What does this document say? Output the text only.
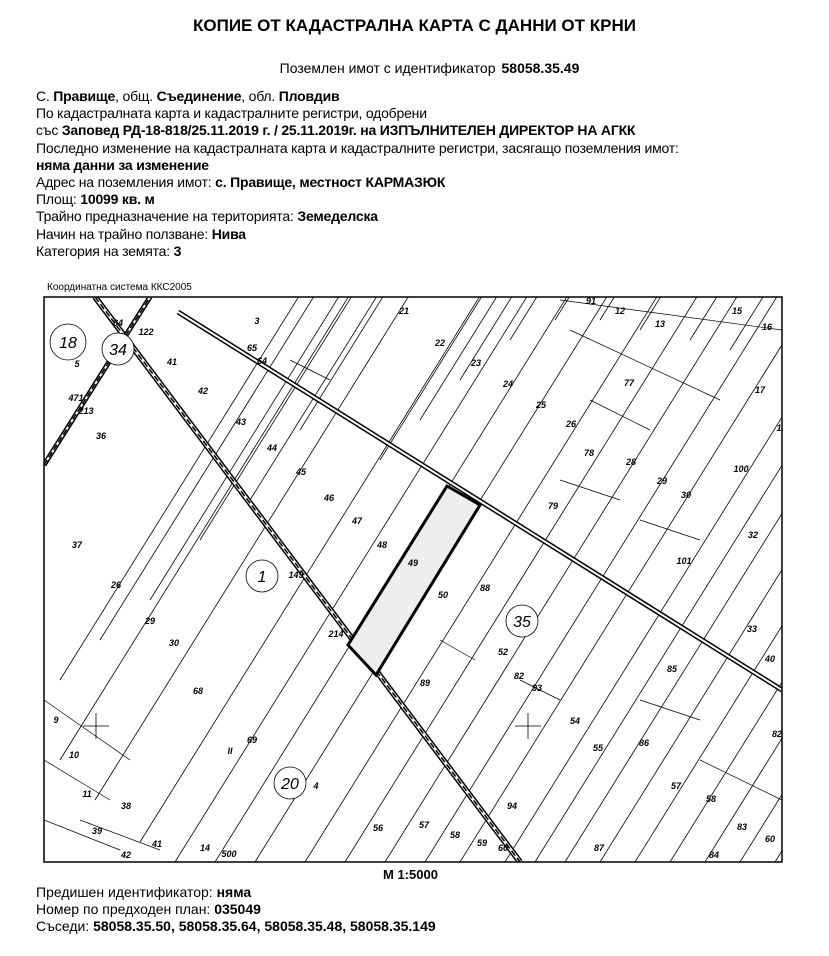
КОПИЕ ОТ КАДАСТРАЛНА КАРТА С ДАННИ ОТ КРНИ
Поземлен имот с идентификатор 58058.35.49
С. Правище, общ. Съединение, обл. Пловдив
По кадастралната карта и кадастралните регистри, одобрени
със Заповед РД-18-818/25.11.2019 г. / 25.11.2019г. на ИЗПЪЛНИТЕЛЕН ДИРЕКТОР НА АГКК
Последно изменение на кадастралната карта и кадастралните регистри, засягащо поземления имот:
няма данни за изменение
Адрес на поземления имот: с. Правище, местност КАРМАЗЮК
Площ: 10099 кв. м
Трайно предназначение на територията: Земеделска
Начин на трайно ползване: Нива
Категория на земята: 3
Координатна система ККС2005
18 34
1
35
20
64
122
3
21
22
23
24
25
26
5	41
42
43
44
45
46
47
48
49
50
88
36
37
26
29
30
68
69
4
214
52
82
93
89
54
55	86
57
58
83
84
60
87
56	57
58
59 60
94
10
9
11
38
39
42
41	14
500
12
13
15
16
17
77
78
28
29
79
30
100
32
101
85
33
40
82
II
91
65
64
471
213
1
149
М 1:5000
Предишен идентификатор: няма
Номер по предходен план: 035049
Съседи: 58058.35.50, 58058.35.64, 58058.35.48, 58058.35.149
